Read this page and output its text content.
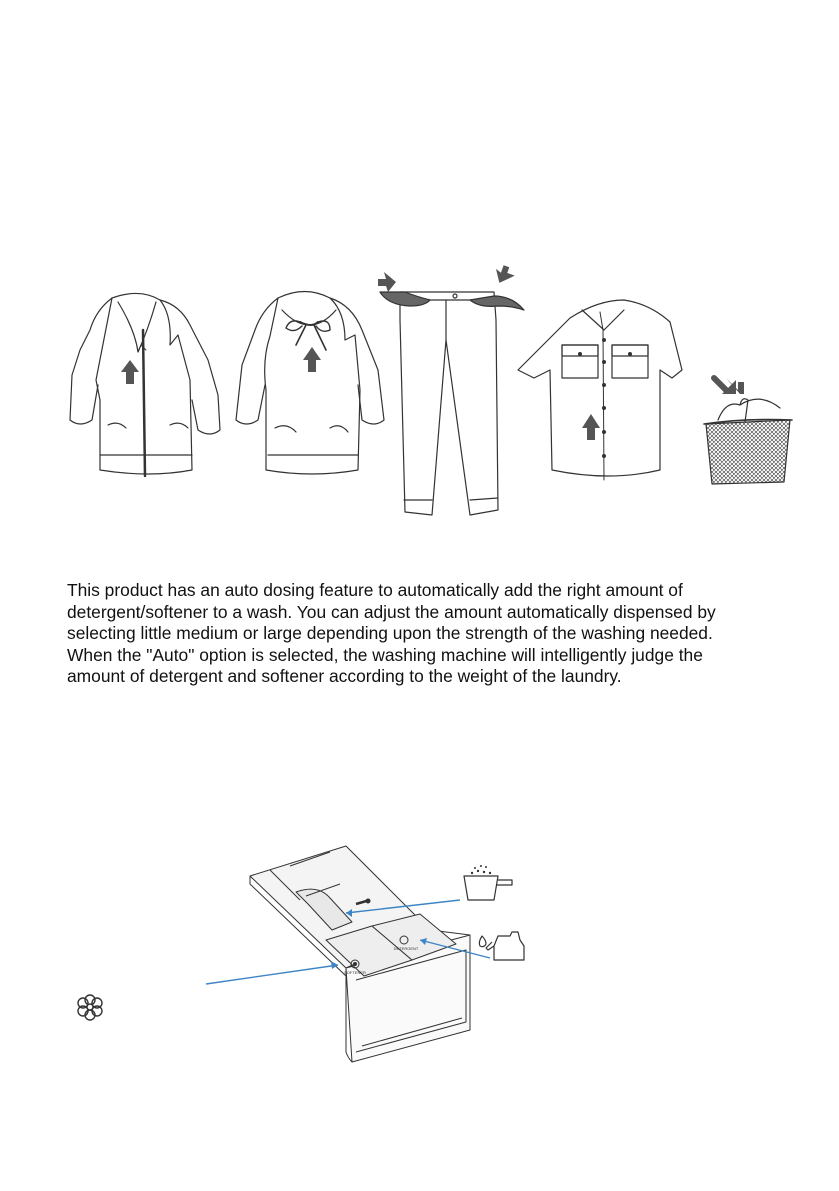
This product has an auto dosing feature to automatically add the right amount of
detergent/softener to a wash. You can adjust the amount automatically dispensed by
selecting little medium or large depending upon the strength of the washing needed.
When the "Auto" option is selected, the washing machine will intelligently judge the
amount of detergent and softener according to the weight of the laundry.

SOFTENER
DETERGENT
